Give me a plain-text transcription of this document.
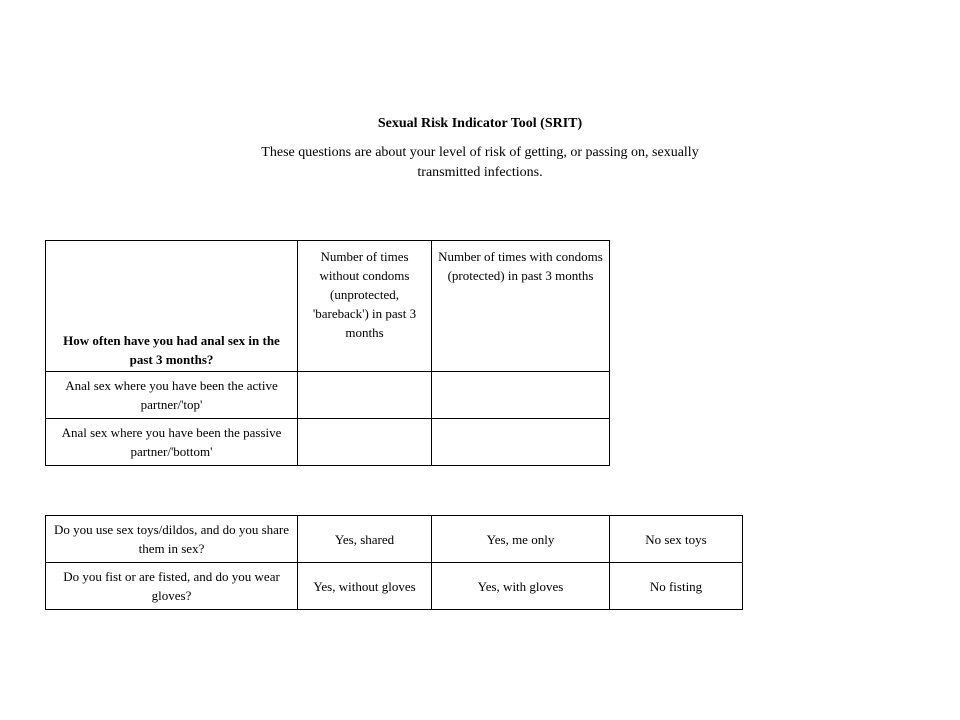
Sexual Risk Indicator Tool (SRIT)
These questions are about your level of risk of getting, or passing on, sexually transmitted infections.
How often have you had anal sex in the past 3 months?	Number of times without condoms (unprotected, 'bareback') in past 3 months	Number of times with condoms (protected) in past 3 months
Anal sex where you have been the active partner/'top'		
Anal sex where you have been the passive partner/'bottom'		
Do you use sex toys/dildos, and do you share them in sex?	Yes, shared	Yes, me only	No sex toys
Do you fist or are fisted, and do you wear gloves?	Yes, without gloves	Yes, with gloves	No fisting
